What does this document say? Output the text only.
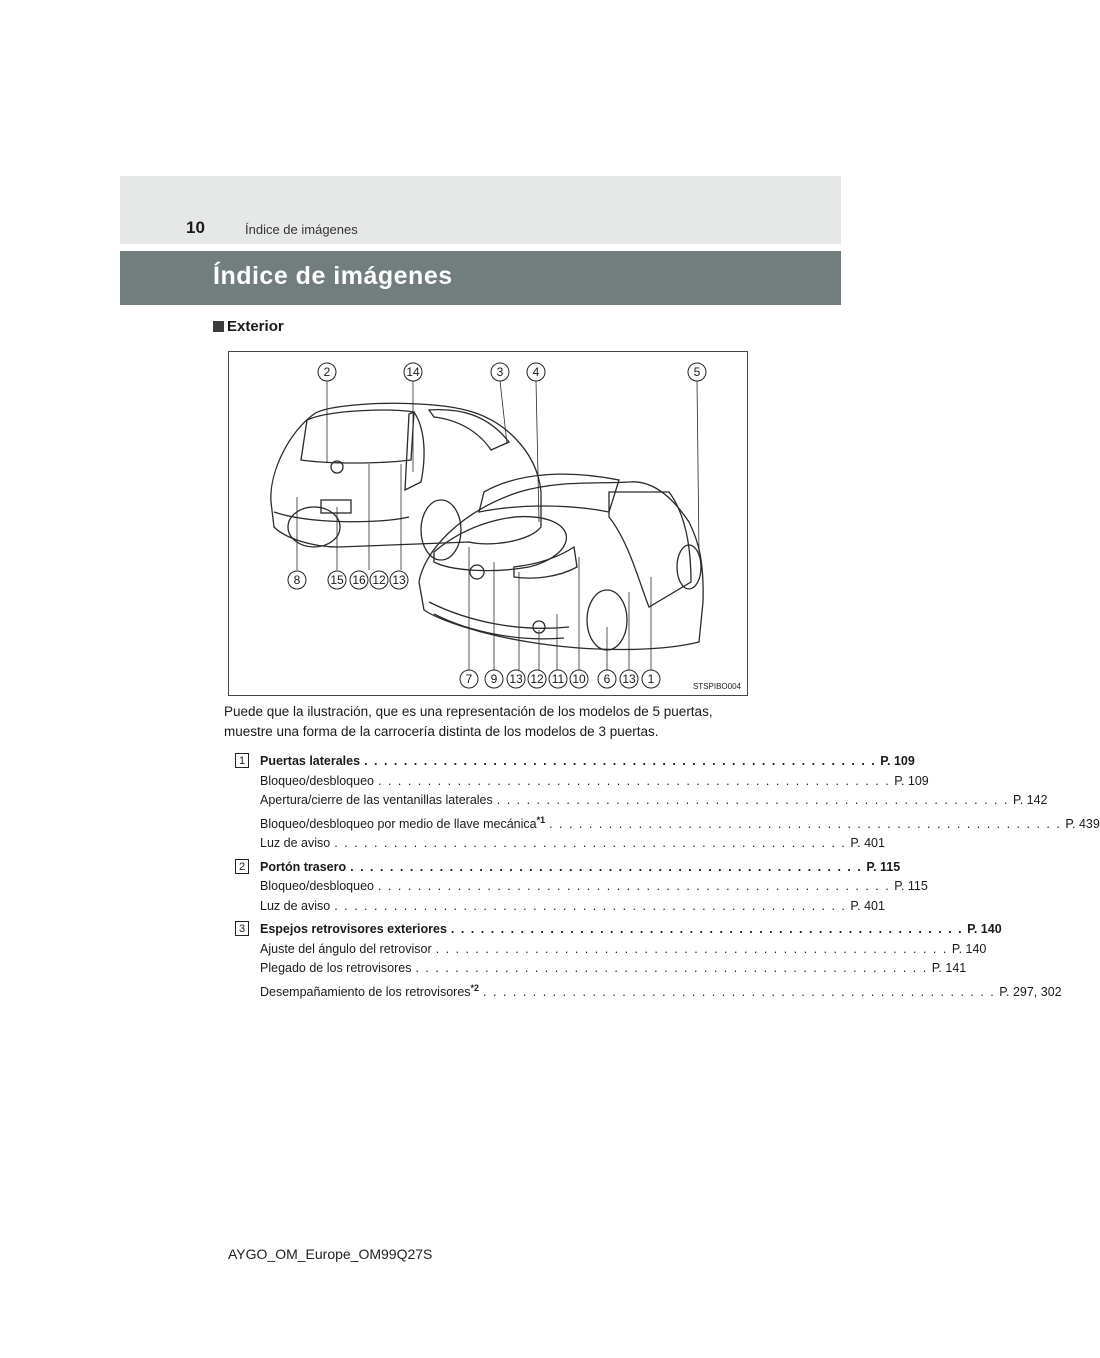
10	Índice de imágenes
Índice de imágenes
Exterior
2	14	3 4	5
8 15 16 12 13
7 9 13 12 11 10 6 13 1
STSPIBO004
Puede que la ilustración, que es una representación de los modelos de 5 puertas, muestre una forma de la carrocería distinta de los modelos de 3 puertas.
1	Puertas laterales . . . . . . . . . . . . . . . . . . . . . . . . . . . . . . . . . . . . . . . . . . . . . . . . . . . . P. 109
Bloqueo/desbloqueo . . . . . . . . . . . . . . . . . . . . . . . . . . . . . . . . . . . . . . . . . . . . . . . . . . . . P. 109
Apertura/cierre de las ventanillas laterales . . . . . . . . . . . . . . . . . . . . . . . . . . . . . . . . . . . . . . . . . . . . . . . . . . . . P. 142
Bloqueo/desbloqueo por medio de llave mecánica$^{*1}$ . . . . . . . . . . . . . . . . . . . . . . . . . . . . . . . . . . . . . . . . . . . . . . . . . . . . P. 439
Luz de aviso . . . . . . . . . . . . . . . . . . . . . . . . . . . . . . . . . . . . . . . . . . . . . . . . . . . . P. 401
2	Portón trasero . . . . . . . . . . . . . . . . . . . . . . . . . . . . . . . . . . . . . . . . . . . . . . . . . . . . P. 115
Bloqueo/desbloqueo . . . . . . . . . . . . . . . . . . . . . . . . . . . . . . . . . . . . . . . . . . . . . . . . . . . . P. 115
Luz de aviso . . . . . . . . . . . . . . . . . . . . . . . . . . . . . . . . . . . . . . . . . . . . . . . . . . . . P. 401
3	Espejos retrovisores exteriores . . . . . . . . . . . . . . . . . . . . . . . . . . . . . . . . . . . . . . . . . . . . . . . . . . . . P. 140
Ajuste del ángulo del retrovisor . . . . . . . . . . . . . . . . . . . . . . . . . . . . . . . . . . . . . . . . . . . . . . . . . . . . P. 140
Plegado de los retrovisores . . . . . . . . . . . . . . . . . . . . . . . . . . . . . . . . . . . . . . . . . . . . . . . . . . . . P. 141
Desempañamiento de los retrovisores$^{*2}$ . . . . . . . . . . . . . . . . . . . . . . . . . . . . . . . . . . . . . . . . . . . . . . . . . . . . P. 297, 302
AYGO_OM_Europe_OM99Q27S
